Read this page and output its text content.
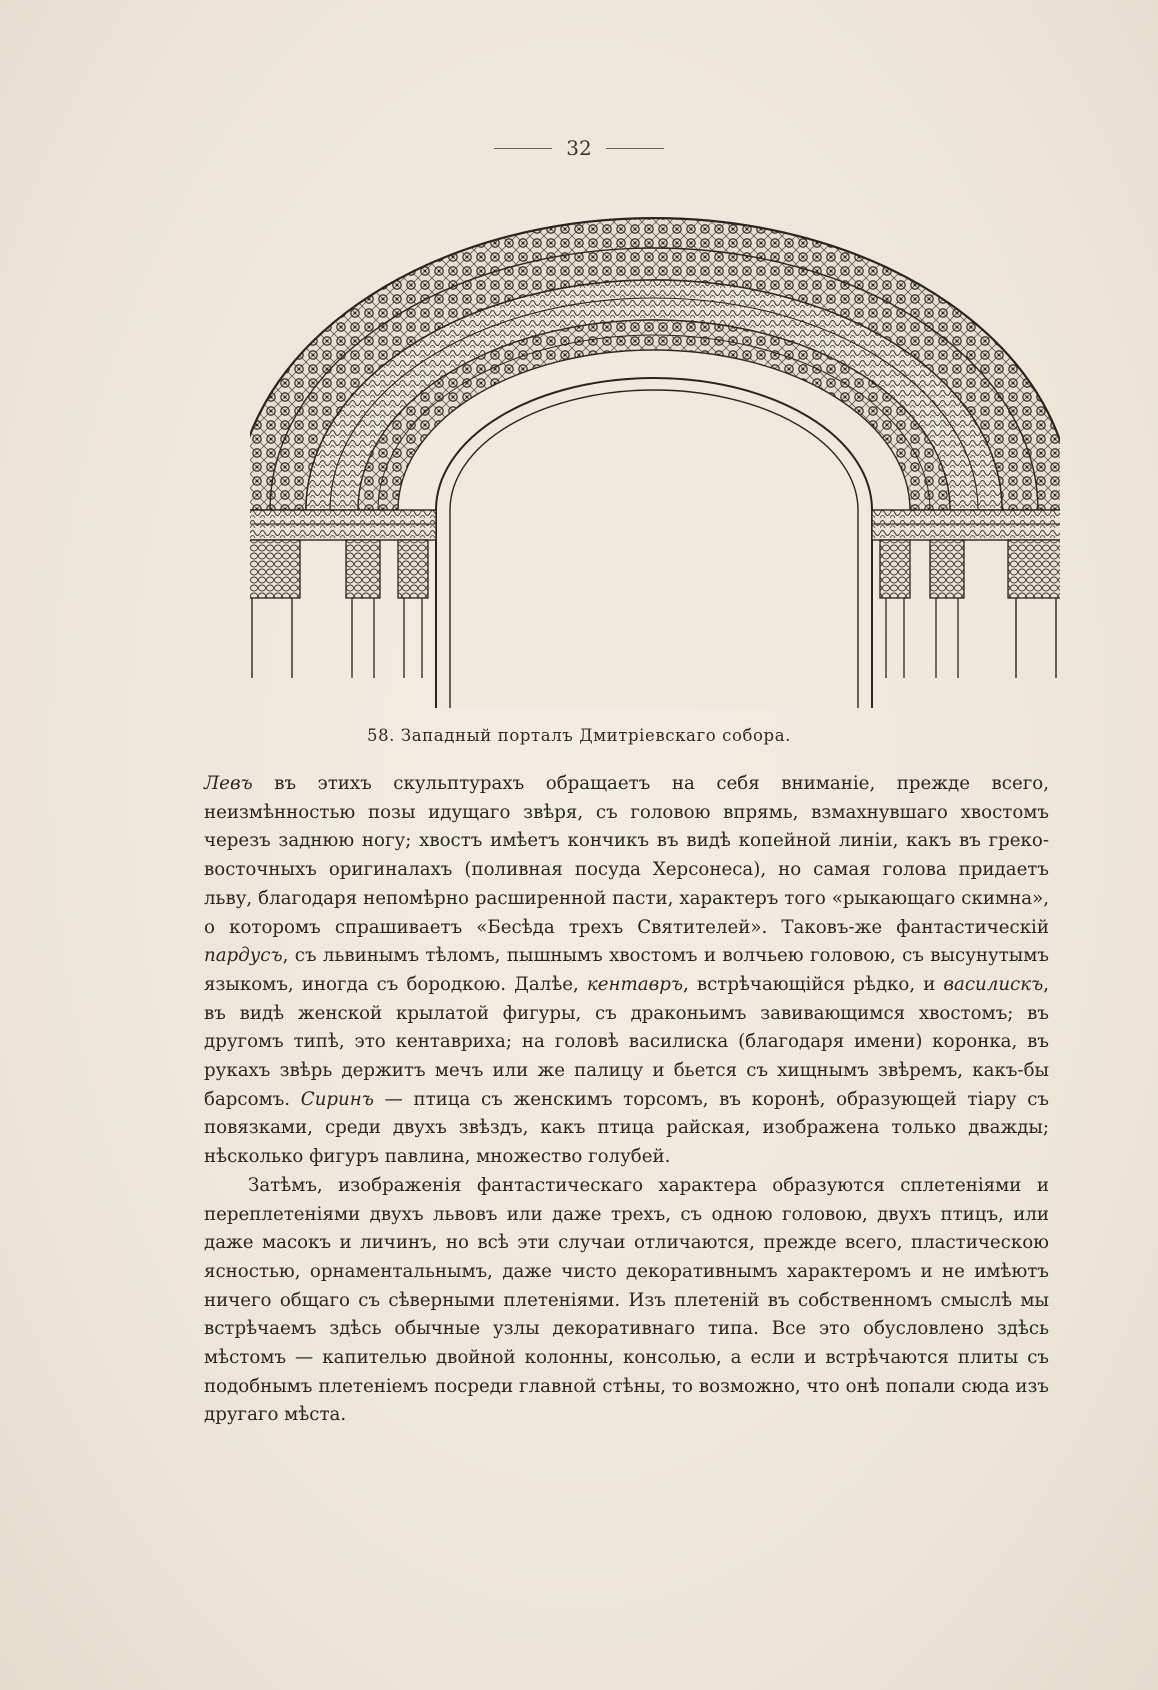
32
58. Западный порталъ Дмитріевскаго собора.

Левъ въ этихъ скульптурахъ обращаетъ на себя вниманіе, прежде всего, неизмѣнностью позы идущаго звѣря, съ головою впрямь, взмахнувшаго хвостомъ черезъ заднюю ногу; хвостъ имѣетъ кончикъ въ видѣ копейной линіи, какъ въ греко-восточныхъ оригиналахъ (поливная посуда Херсонеса), но самая голова придаетъ льву, благодаря непомѣрно расширенной пасти, характеръ того «рыкающаго скимна», о которомъ спрашиваетъ «Бесѣда трехъ Святителей». Таковъ-же фантастическій пардусъ, съ львинымъ тѣломъ, пышнымъ хвостомъ и волчьею головою, съ высунутымъ языкомъ, иногда съ бородкою. Далѣе, кентавръ, встрѣчающійся рѣдко, и василискъ, въ видѣ женской крылатой фигуры, съ драконьимъ завивающимся хвостомъ; въ другомъ типѣ, это кентавриха; на головѣ василиска (благодаря имени) коронка, въ рукахъ звѣрь держитъ мечъ или же палицу и бьется съ хищнымъ звѣремъ, какъ-бы барсомъ. Сиринъ — птица съ женскимъ торсомъ, въ коронѣ, образующей тіару съ повязками, среди двухъ звѣздъ, какъ птица райская, изображена только дважды; нѣсколько фигуръ павлина, множество голубей.

Затѣмъ, изображенія фантастическаго характера образуются сплетеніями и переплетеніями двухъ львовъ или даже трехъ, съ одною головою, двухъ птицъ, или даже масокъ и личинъ, но всѣ эти случаи отличаются, прежде всего, пластическою ясностью, орнаментальнымъ, даже чисто декоративнымъ характеромъ и не имѣютъ ничего общаго съ сѣверными плетеніями. Изъ плетеній въ собственномъ смыслѣ мы встрѣчаемъ здѣсь обычные узлы декоративнаго типа. Все это обусловлено здѣсь мѣстомъ — капителью двойной колонны, консолью, а если и встрѣчаются плиты съ подобнымъ плетеніемъ посреди главной стѣны, то возможно, что онѣ попали сюда изъ другаго мѣста.
